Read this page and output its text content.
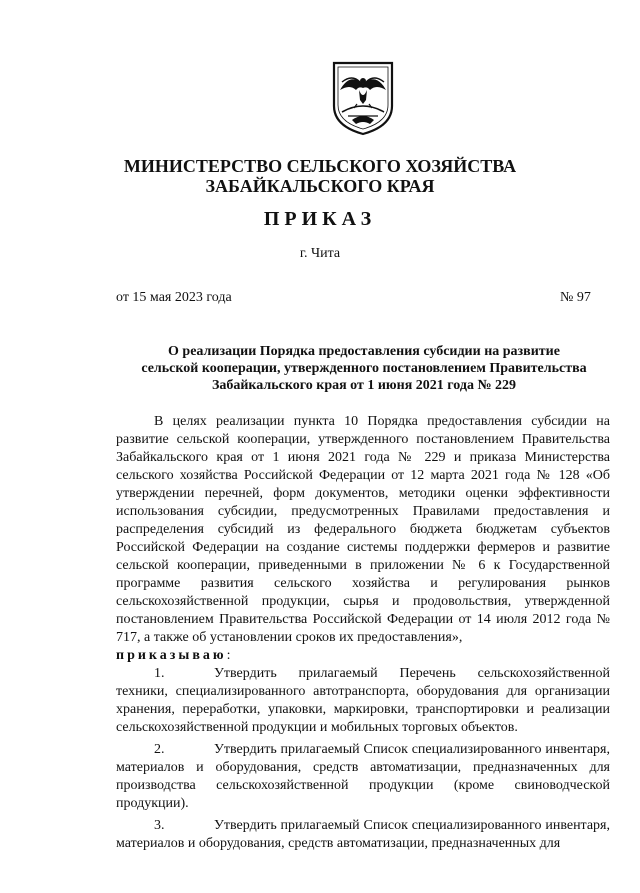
МИНИСТЕРСТВО СЕЛЬСКОГО ХОЗЯЙСТВА
ЗАБАЙКАЛЬСКОГО КРАЯ
ПРИКАЗ
г. Чита
от 15 мая 2023 года	№ 97
О реализации Порядка предоставления субсидии на развитие
сельской кооперации, утвержденного постановлением Правительства
Забайкальского края от 1 июня 2021 года № 229

В целях реализации пункта 10 Порядка предоставления субсидии на развитие сельской кооперации, утвержденного постановлением Правительства Забайкальского края от 1 июня 2021 года № 229 и приказа Министерства сельского хозяйства Российской Федерации от 12 марта 2021 года № 128 «Об утверждении перечней, форм документов, методики оценки эффективности использования субсидии, предусмотренных Правилами предоставления и распределения субсидий из федерального бюджета бюджетам субъектов Российской Федерации на создание системы поддержки фермеров и развитие сельской кооперации, приведенными в приложении № 6 к Государственной программе развития сельского хозяйства и регулирования рынков сельскохозяйственной продукции, сырья и продовольствия, утвержденной постановлением Правительства Российской Федерации от 14 июля 2012 года № 717, а также об установлении сроков их предоставления»,

приказываю:

1.	Утвердить прилагаемый Перечень сельскохозяйственной техники, специализированного автотранспорта, оборудования для организации хранения, переработки, упаковки, маркировки, транспортировки и реализации сельскохозяйственной продукции и мобильных торговых объектов.

2.	Утвердить прилагаемый Список специализированного инвентаря, материалов и оборудования, средств автоматизации, предназначенных для производства сельскохозяйственной продукции (кроме свиноводческой продукции).

3.	Утвердить прилагаемый Список специализированного инвентаря, материалов и оборудования, средств автоматизации, предназначенных для
